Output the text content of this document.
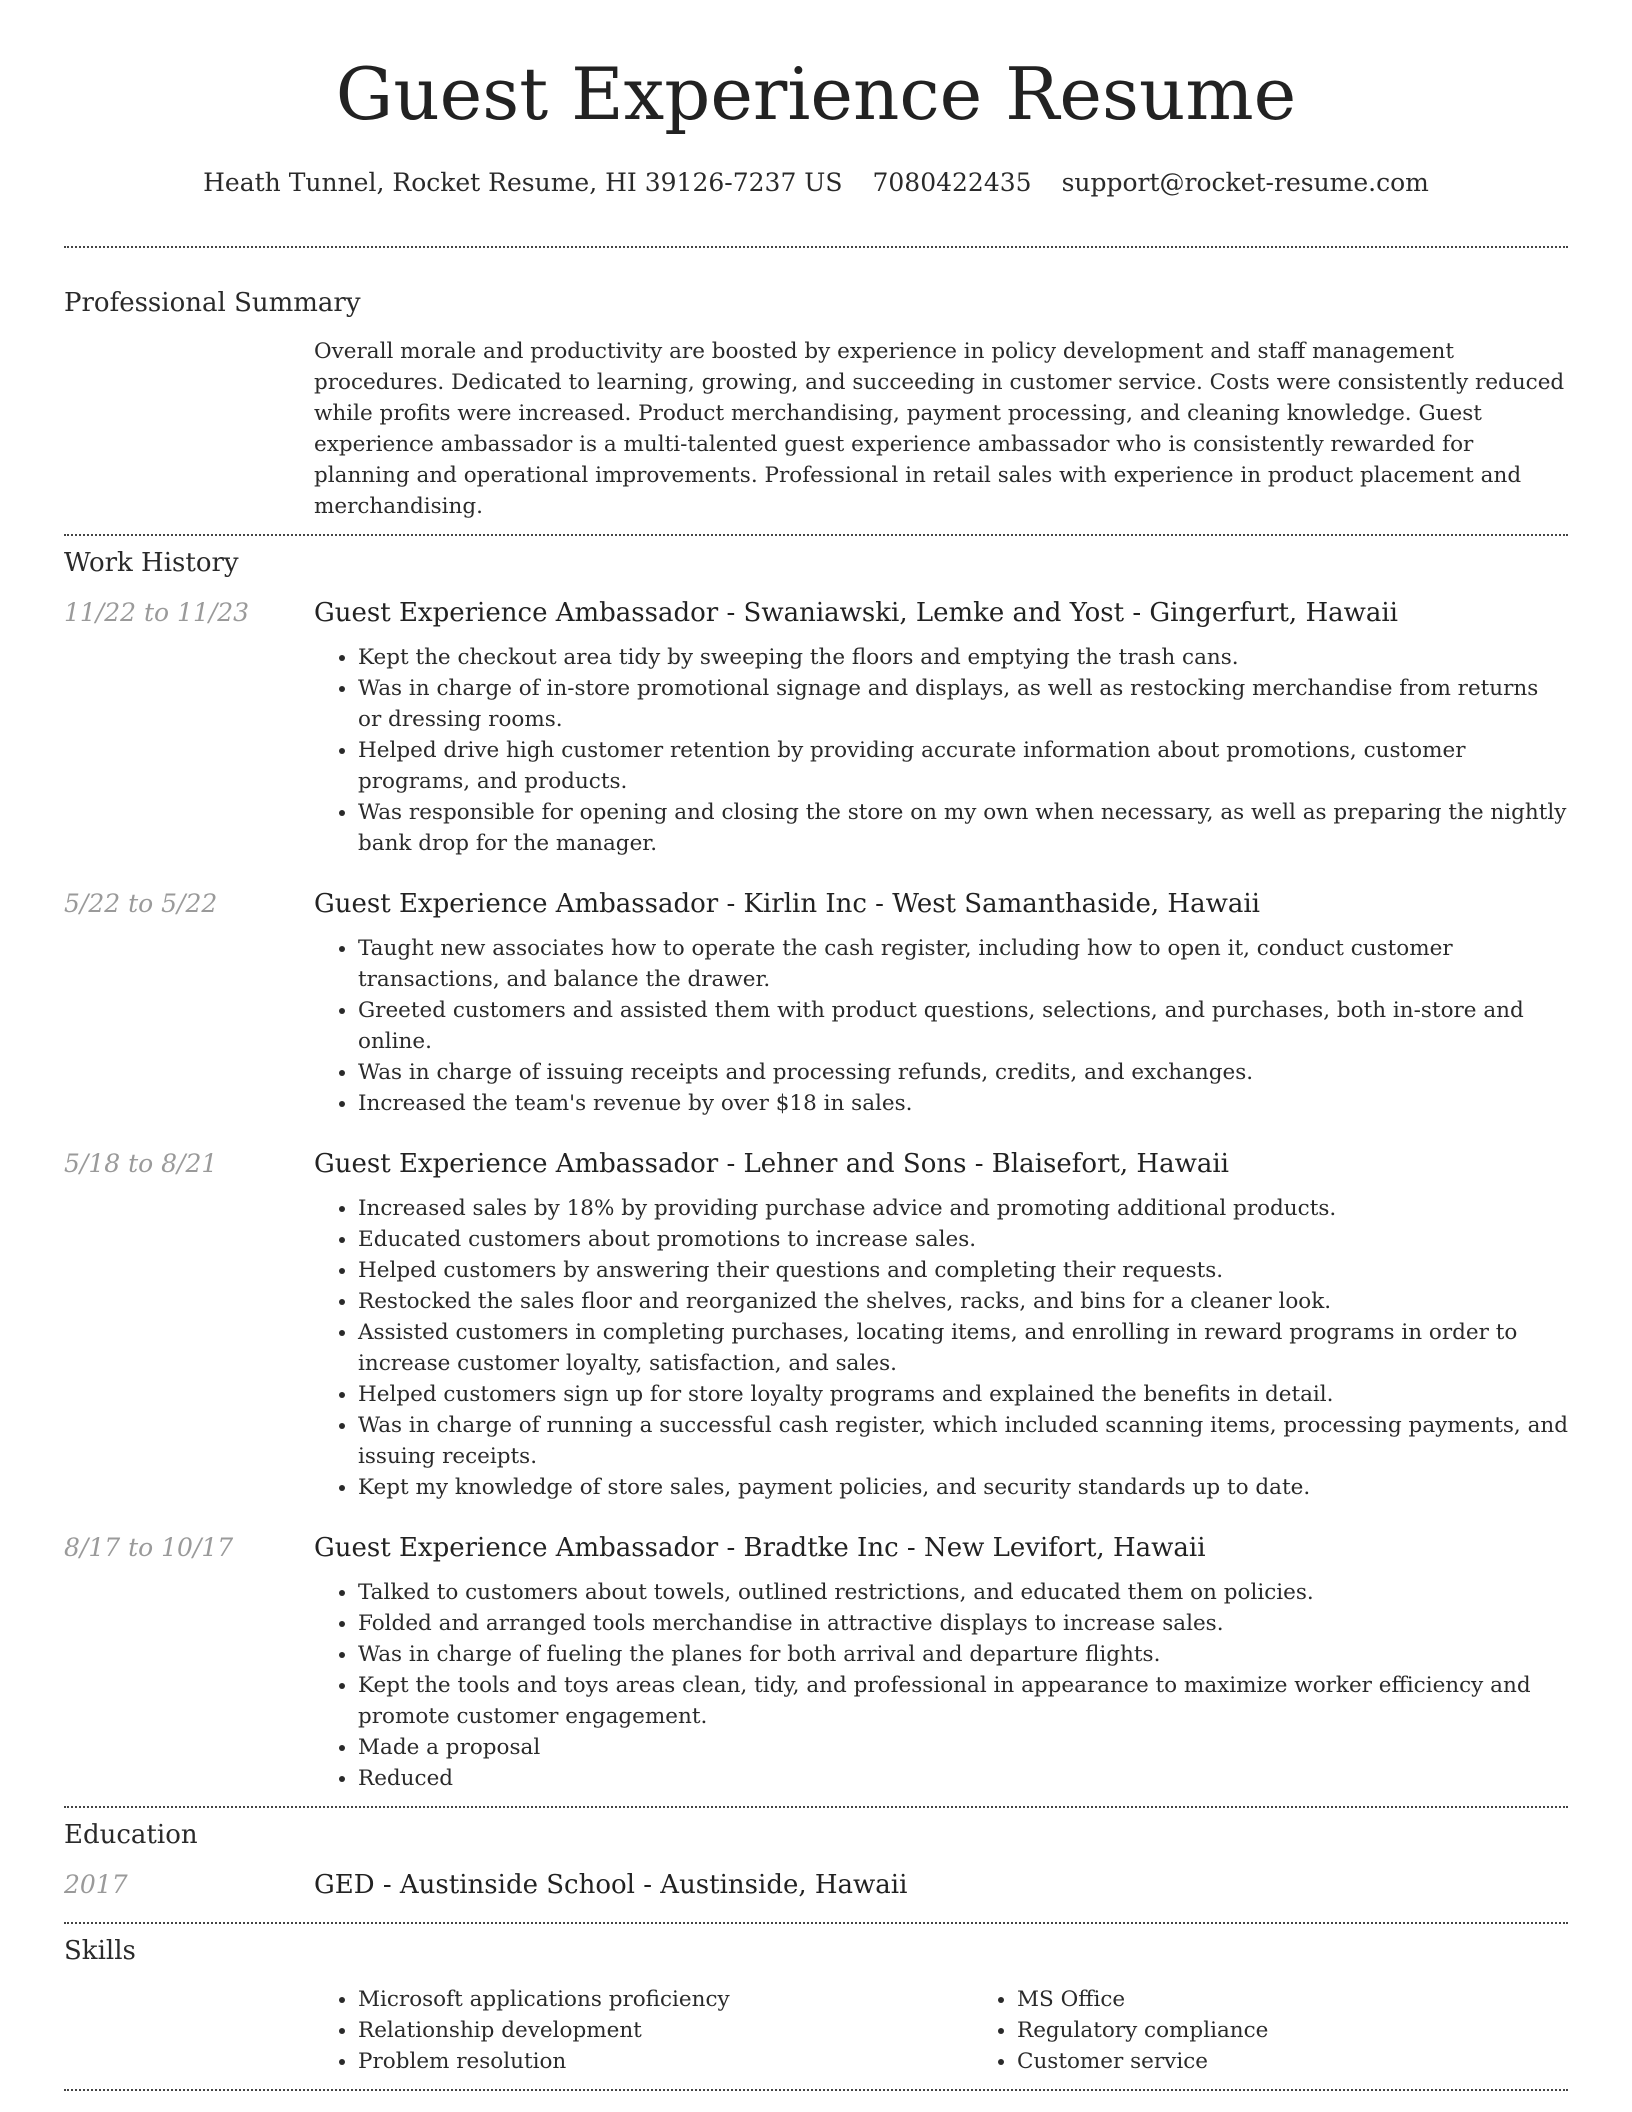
Guest Experience Resume
Heath Tunnel, Rocket Resume, HI 39126-7237 US 7080422435 support@rocket-resume.com
Professional Summary

Overall morale and productivity are boosted by experience in policy development and staff management procedures. Dedicated to learning, growing, and succeeding in customer service. Costs were consistently reduced while profits were increased. Product merchandising, payment processing, and cleaning knowledge. Guest experience ambassador is a multi-talented guest experience ambassador who is consistently rewarded for planning and operational improvements. Professional in retail sales with experience in product placement and merchandising.

Work History
11/22 to 11/23	Guest Experience Ambassador - Swaniawski, Lemke and Yost - Gingerfurt, Hawaii
• Kept the checkout area tidy by sweeping the floors and emptying the trash cans.
• Was in charge of in-store promotional signage and displays, as well as restocking merchandise from returns or dressing rooms.
• Helped drive high customer retention by providing accurate information about promotions, customer programs, and products.
• Was responsible for opening and closing the store on my own when necessary, as well as preparing the nightly bank drop for the manager.
5/22 to 5/22	Guest Experience Ambassador - Kirlin Inc - West Samanthaside, Hawaii
• Taught new associates how to operate the cash register, including how to open it, conduct customer transactions, and balance the drawer.
• Greeted customers and assisted them with product questions, selections, and purchases, both in-store and online.
• Was in charge of issuing receipts and processing refunds, credits, and exchanges.
• Increased the team's revenue by over $18 in sales.
5/18 to 8/21	Guest Experience Ambassador - Lehner and Sons - Blaisefort, Hawaii
• Increased sales by 18% by providing purchase advice and promoting additional products.
• Educated customers about promotions to increase sales.
• Helped customers by answering their questions and completing their requests.
• Restocked the sales floor and reorganized the shelves, racks, and bins for a cleaner look.
• Assisted customers in completing purchases, locating items, and enrolling in reward programs in order to increase customer loyalty, satisfaction, and sales.
• Helped customers sign up for store loyalty programs and explained the benefits in detail.
• Was in charge of running a successful cash register, which included scanning items, processing payments, and issuing receipts.
• Kept my knowledge of store sales, payment policies, and security standards up to date.
8/17 to 10/17	Guest Experience Ambassador - Bradtke Inc - New Levifort, Hawaii
• Talked to customers about towels, outlined restrictions, and educated them on policies.
• Folded and arranged tools merchandise in attractive displays to increase sales.
• Was in charge of fueling the planes for both arrival and departure flights.
• Kept the tools and toys areas clean, tidy, and professional in appearance to maximize worker efficiency and promote customer engagement.
• Made a proposal
• Reduced
Education
2017	GED - Austinside School - Austinside, Hawaii
Skills
• Microsoft applications proficiency
• Relationship development
• Problem resolution
• MS Office
• Regulatory compliance
• Customer service
